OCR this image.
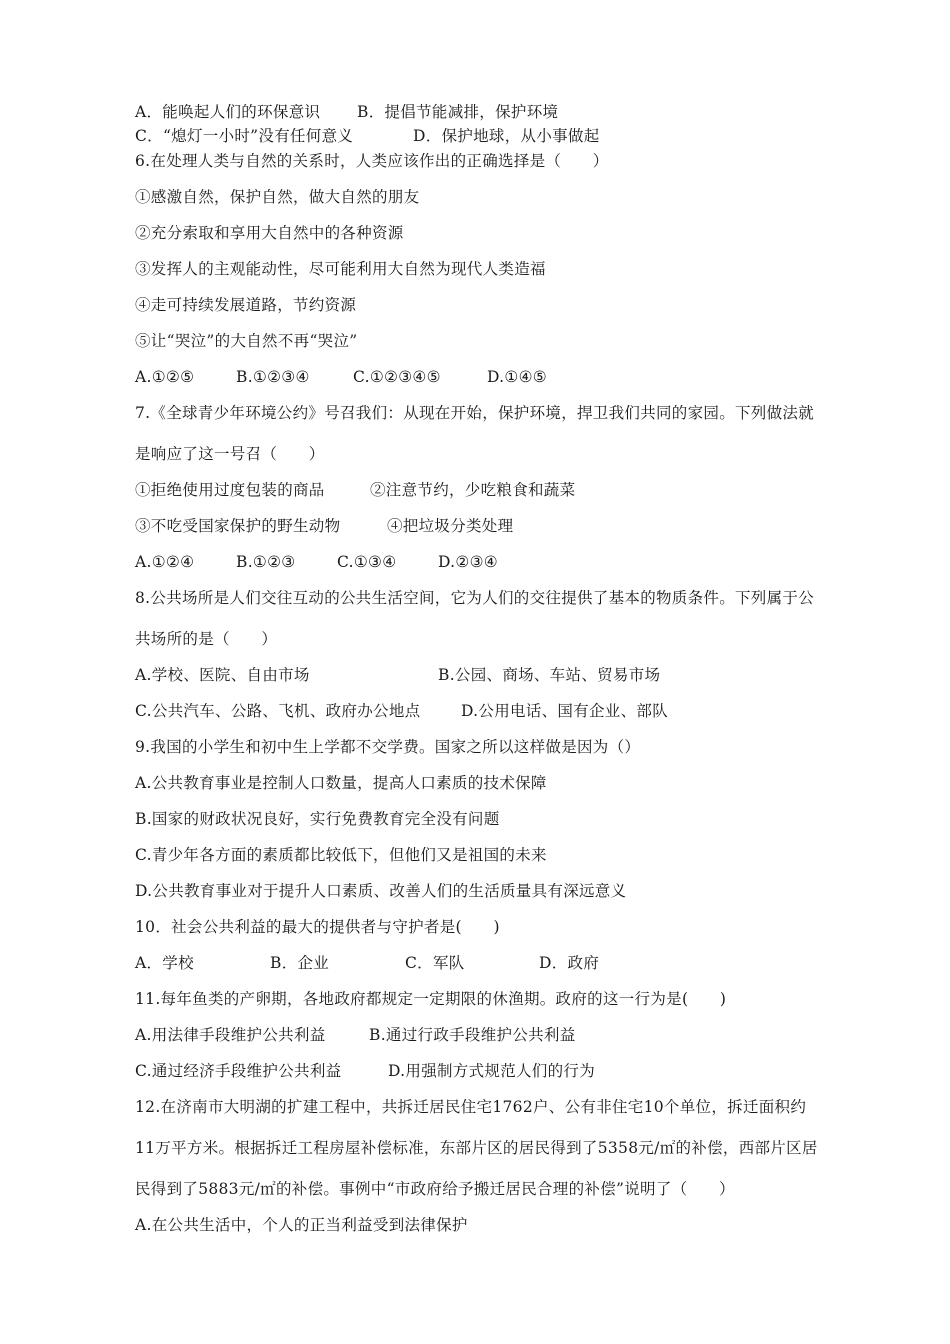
A．能唤起人们的环保意识 B．提倡节能减排，保护环境
C．“熄灯一小时”没有任何意义	D．保护地球，从小事做起
6.在处理人类与自然的关系时，人类应该作出的正确选择是（　　）
①感激自然，保护自然，做大自然的朋友
②充分索取和享用大自然中的各种资源
③发挥人的主观能动性，尽可能利用大自然为现代人类造福
④走可持续发展道路，节约资源
⑤让“哭泣”的大自然不再“哭泣”
A.①②⑤	B.①②③④	C.①②③④⑤	D.①④⑤
7.《全球青少年环境公约》号召我们：从现在开始，保护环境，捍卫我们共同的家园。下列做法就
是响应了这一号召（　　）
①拒绝使用过度包装的商品	②注意节约，少吃粮食和蔬菜
③不吃受国家保护的野生动物	④把垃圾分类处理
A.①②④	B.①②③	C.①③④	D.②③④
8.公共场所是人们交往互动的公共生活空间，它为人们的交往提供了基本的物质条件。下列属于公
共场所的是（　　）
A.学校、医院、自由市场	B.公园、商场、车站、贸易市场
C.公共汽车、公路、飞机、政府办公地点	D.公用电话、国有企业、部队
9.我国的小学生和初中生上学都不交学费。国家之所以这样做是因为（）
A.公共教育事业是控制人口数量，提高人口素质的技术保障
B.国家的财政状况良好，实行免费教育完全没有问题
C.青少年各方面的素质都比较低下，但他们又是祖国的未来
D.公共教育事业对于提升人口素质、改善人们的生活质量具有深远意义
10．社会公共利益的最大的提供者与守护者是(　　)
A．学校	B．企业	C．军队	D．政府
11.每年鱼类的产卵期，各地政府都规定一定期限的休渔期。政府的这一行为是(　　)
A.用法律手段维护公共利益	B.通过行政手段维护公共利益
C.通过经济手段维护公共利益	D.用强制方式规范人们的行为
12.在济南市大明湖的扩建工程中，共拆迁居民住宅1762户、公有非住宅10个单位，拆迁面积约
11万平方米。根据拆迁工程房屋补偿标准，东部片区的居民得到了5358元/㎡的补偿，西部片区居
民得到了5883元/㎡的补偿。事例中“市政府给予搬迁居民合理的补偿”说明了（　　）
A.在公共生活中，个人的正当利益受到法律保护
